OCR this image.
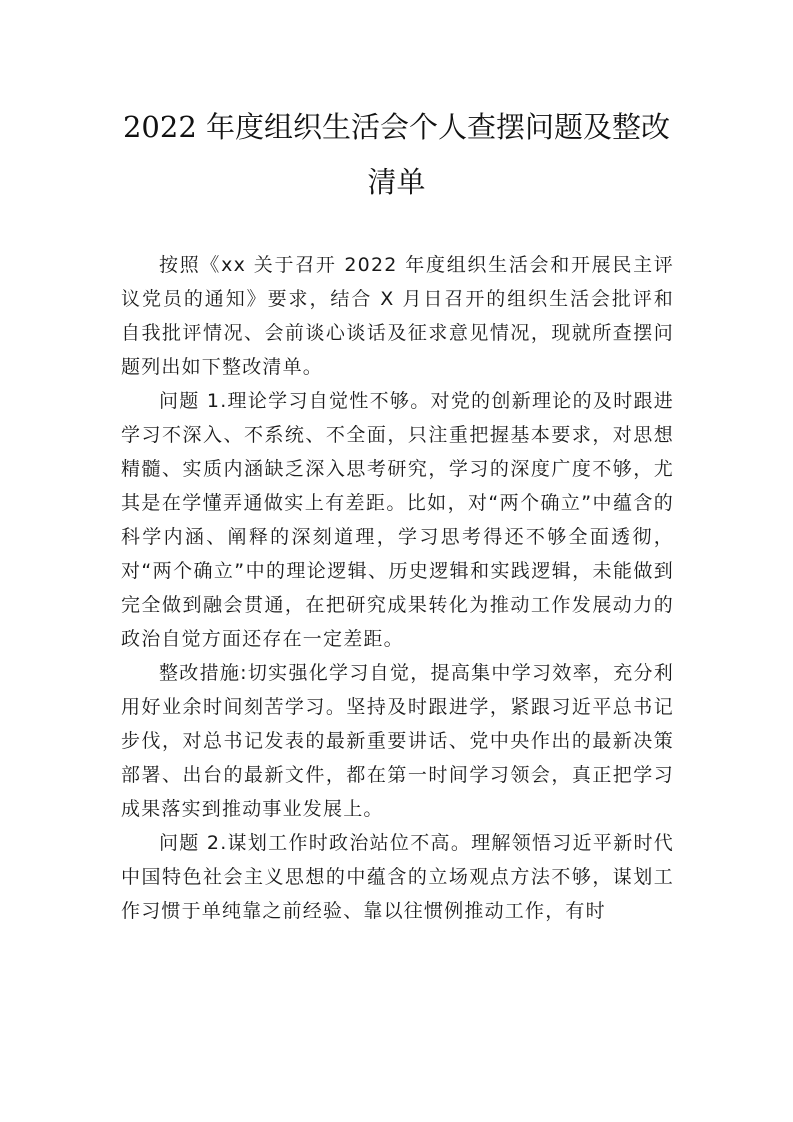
2022 年度组织生活会个人查摆问题及整改
清单

按照《xx 关于召开 2022 年度组织生活会和开展民主评议党员的通知》要求，结合 X 月日召开的组织生活会批评和自我批评情况、会前谈心谈话及征求意见情况，现就所查摆问题列出如下整改清单。

问题 1.理论学习自觉性不够。对党的创新理论的及时跟进学习不深入、不系统、不全面，只注重把握基本要求，对思想精髓、实质内涵缺乏深入思考研究，学习的深度广度不够，尤其是在学懂弄通做实上有差距。比如，对“两个确立”中蕴含的科学内涵、阐释的深刻道理，学习思考得还不够全面透彻，对“两个确立”中的理论逻辑、历史逻辑和实践逻辑，未能做到完全做到融会贯通，在把研究成果转化为推动工作发展动力的政治自觉方面还存在一定差距。

整改措施:切实强化学习自觉，提高集中学习效率，充分利用好业余时间刻苦学习。坚持及时跟进学，紧跟习近平总书记步伐，对总书记发表的最新重要讲话、党中央作出的最新决策部署、出台的最新文件，都在第一时间学习领会，真正把学习成果落实到推动事业发展上。

问题 2.谋划工作时政治站位不高。理解领悟习近平新时代中国特色社会主义思想的中蕴含的立场观点方法不够，谋划工作习惯于单纯靠之前经验、靠以往惯例推动工作，有时
